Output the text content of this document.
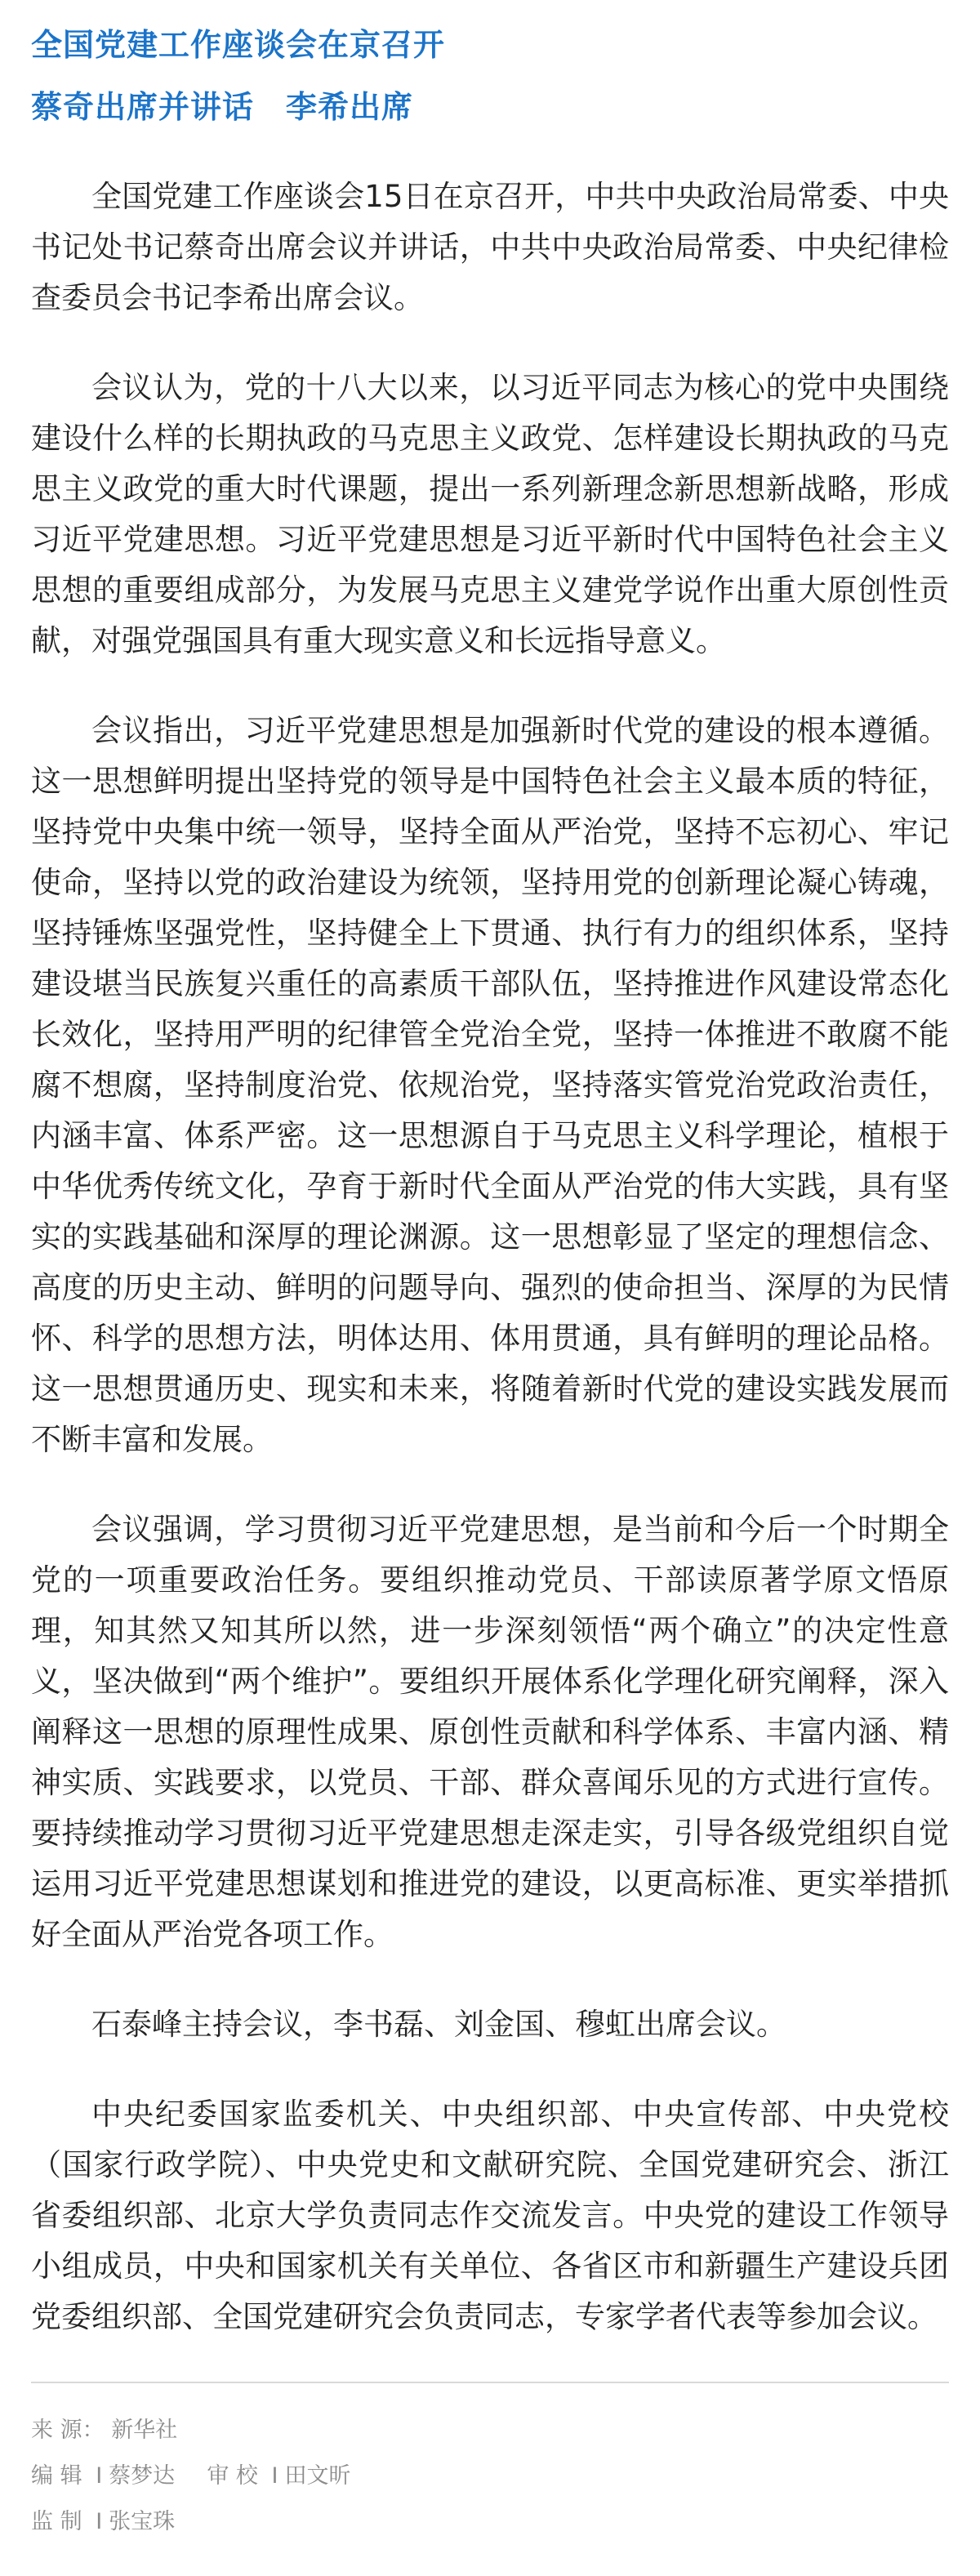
全国党建工作座谈会在京召开
蔡奇出席并讲话　李希出席

全国党建工作座谈会15日在京召开，中共中央政治局常委、中央书记处书记蔡奇出席会议并讲话，中共中央政治局常委、中央纪律检查委员会书记李希出席会议。

会议认为，党的十八大以来，以习近平同志为核心的党中央围绕建设什么样的长期执政的马克思主义政党、怎样建设长期执政的马克思主义政党的重大时代课题，提出一系列新理念新思想新战略，形成习近平党建思想。习近平党建思想是习近平新时代中国特色社会主义思想的重要组成部分，为发展马克思主义建党学说作出重大原创性贡献，对强党强国具有重大现实意义和长远指导意义。

会议指出，习近平党建思想是加强新时代党的建设的根本遵循。这一思想鲜明提出坚持党的领导是中国特色社会主义最本质的特征，坚持党中央集中统一领导，坚持全面从严治党，坚持不忘初心、牢记使命，坚持以党的政治建设为统领，坚持用党的创新理论凝心铸魂，坚持锤炼坚强党性，坚持健全上下贯通、执行有力的组织体系，坚持建设堪当民族复兴重任的高素质干部队伍，坚持推进作风建设常态化长效化，坚持用严明的纪律管全党治全党，坚持一体推进不敢腐不能腐不想腐，坚持制度治党、依规治党，坚持落实管党治党政治责任，内涵丰富、体系严密。这一思想源自于马克思主义科学理论，植根于中华优秀传统文化，孕育于新时代全面从严治党的伟大实践，具有坚实的实践基础和深厚的理论渊源。这一思想彰显了坚定的理想信念、高度的历史主动、鲜明的问题导向、强烈的使命担当、深厚的为民情怀、科学的思想方法，明体达用、体用贯通，具有鲜明的理论品格。这一思想贯通历史、现实和未来，将随着新时代党的建设实践发展而不断丰富和发展。

会议强调，学习贯彻习近平党建思想，是当前和今后一个时期全党的一项重要政治任务。要组织推动党员、干部读原著学原文悟原理，知其然又知其所以然，进一步深刻领悟“两个确立”的决定性意义，坚决做到“两个维护”。要组织开展体系化学理化研究阐释，深入阐释这一思想的原理性成果、原创性贡献和科学体系、丰富内涵、精神实质、实践要求，以党员、干部、群众喜闻乐见的方式进行宣传。要持续推动学习贯彻习近平党建思想走深走实，引导各级党组织自觉运用习近平党建思想谋划和推进党的建设，以更高标准、更实举措抓好全面从严治党各项工作。

石泰峰主持会议，李书磊、刘金国、穆虹出席会议。

中央纪委国家监委机关、中央组织部、中央宣传部、中央党校（国家行政学院）、中央党史和文献研究院、全国党建研究会、浙江省委组织部、北京大学负责同志作交流发言。中央党的建设工作领导小组成员，中央和国家机关有关单位、各省区市和新疆生产建设兵团党委组织部、全国党建研究会负责同志，专家学者代表等参加会议。

来 源： 新华社

编 辑 I 蔡梦达 审 校 I 田文昕

监 制 I 张宝珠
